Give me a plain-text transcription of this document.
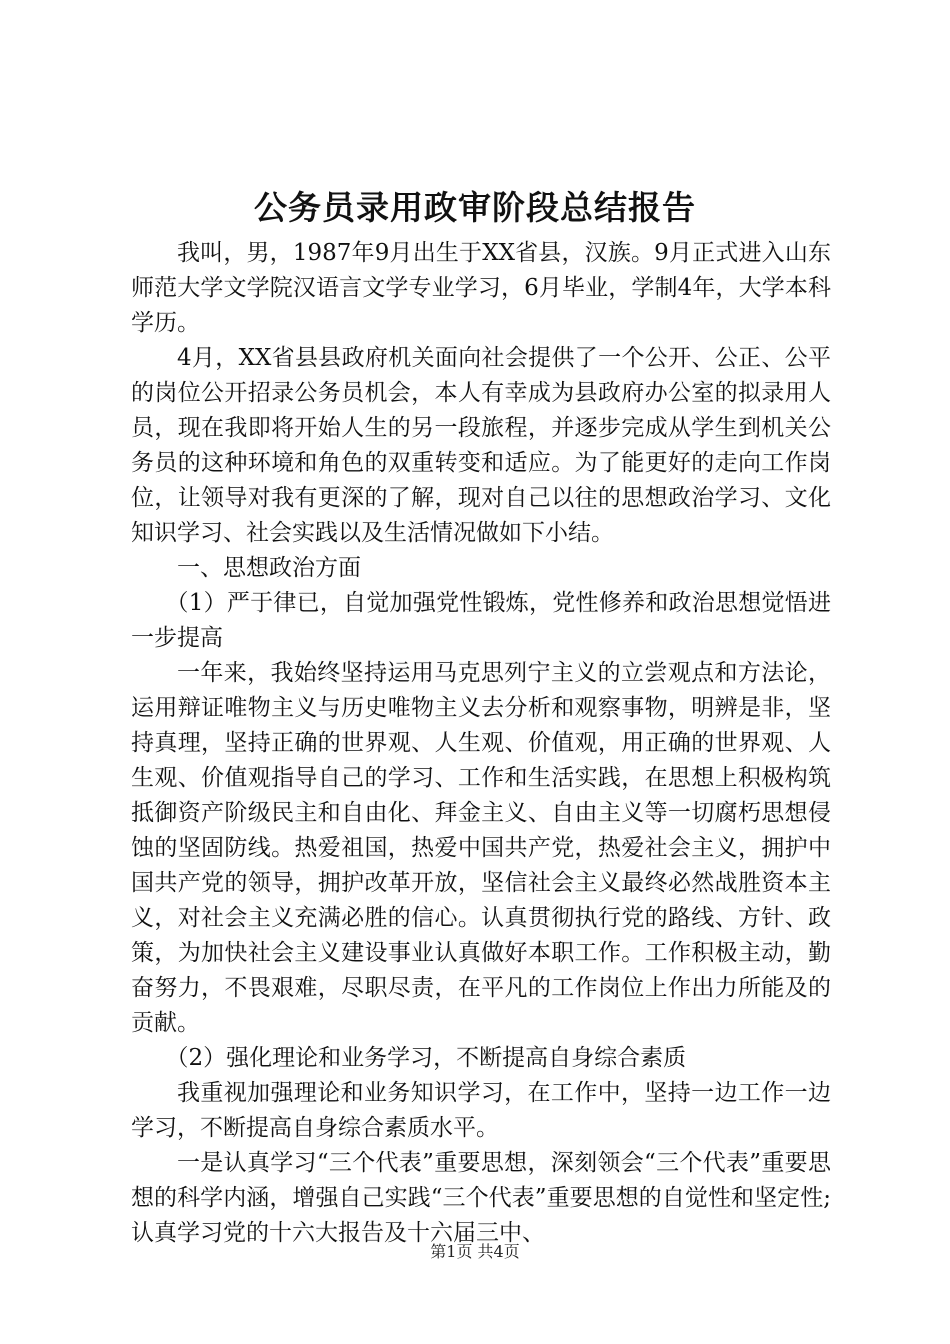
公务员录用政审阶段总结报告

我叫，男，1987年9月出生于XX省县，汉族。9月正式进入山东师范大学文学院汉语言文学专业学习，6月毕业，学制4年，大学本科学历。

4月，XX省县县政府机关面向社会提供了一个公开、公正、公平的岗位公开招录公务员机会，本人有幸成为县政府办公室的拟录用人员，现在我即将开始人生的另一段旅程，并逐步完成从学生到机关公务员的这种环境和角色的双重转变和适应。为了能更好的走向工作岗位，让领导对我有更深的了解，现对自己以往的思想政治学习、文化知识学习、社会实践以及生活情况做如下小结。

一、思想政治方面

（1）严于律已，自觉加强党性锻炼，党性修养和政治思想觉悟进一步提高

一年来，我始终坚持运用马克思列宁主义的立尝观点和方法论，运用辩证唯物主义与历史唯物主义去分析和观察事物，明辨是非，坚持真理，坚持正确的世界观、人生观、价值观，用正确的世界观、人生观、价值观指导自己的学习、工作和生活实践，在思想上积极构筑抵御资产阶级民主和自由化、拜金主义、自由主义等一切腐朽思想侵蚀的坚固防线。热爱祖国，热爱中国共产党，热爱社会主义，拥护中国共产党的领导，拥护改革开放，坚信社会主义最终必然战胜资本主义，对社会主义充满必胜的信心。认真贯彻执行党的路线、方针、政策，为加快社会主义建设事业认真做好本职工作。工作积极主动，勤奋努力，不畏艰难，尽职尽责，在平凡的工作岗位上作出力所能及的贡献。

（2）强化理论和业务学习，不断提高自身综合素质

我重视加强理论和业务知识学习，在工作中，坚持一边工作一边学习，不断提高自身综合素质水平。

一是认真学习“三个代表”重要思想，深刻领会“三个代表”重要思想的科学内涵，增强自己实践“三个代表”重要思想的自觉性和坚定性;认真学习党的十六大报告及十六届三中、

第1页 共4页
